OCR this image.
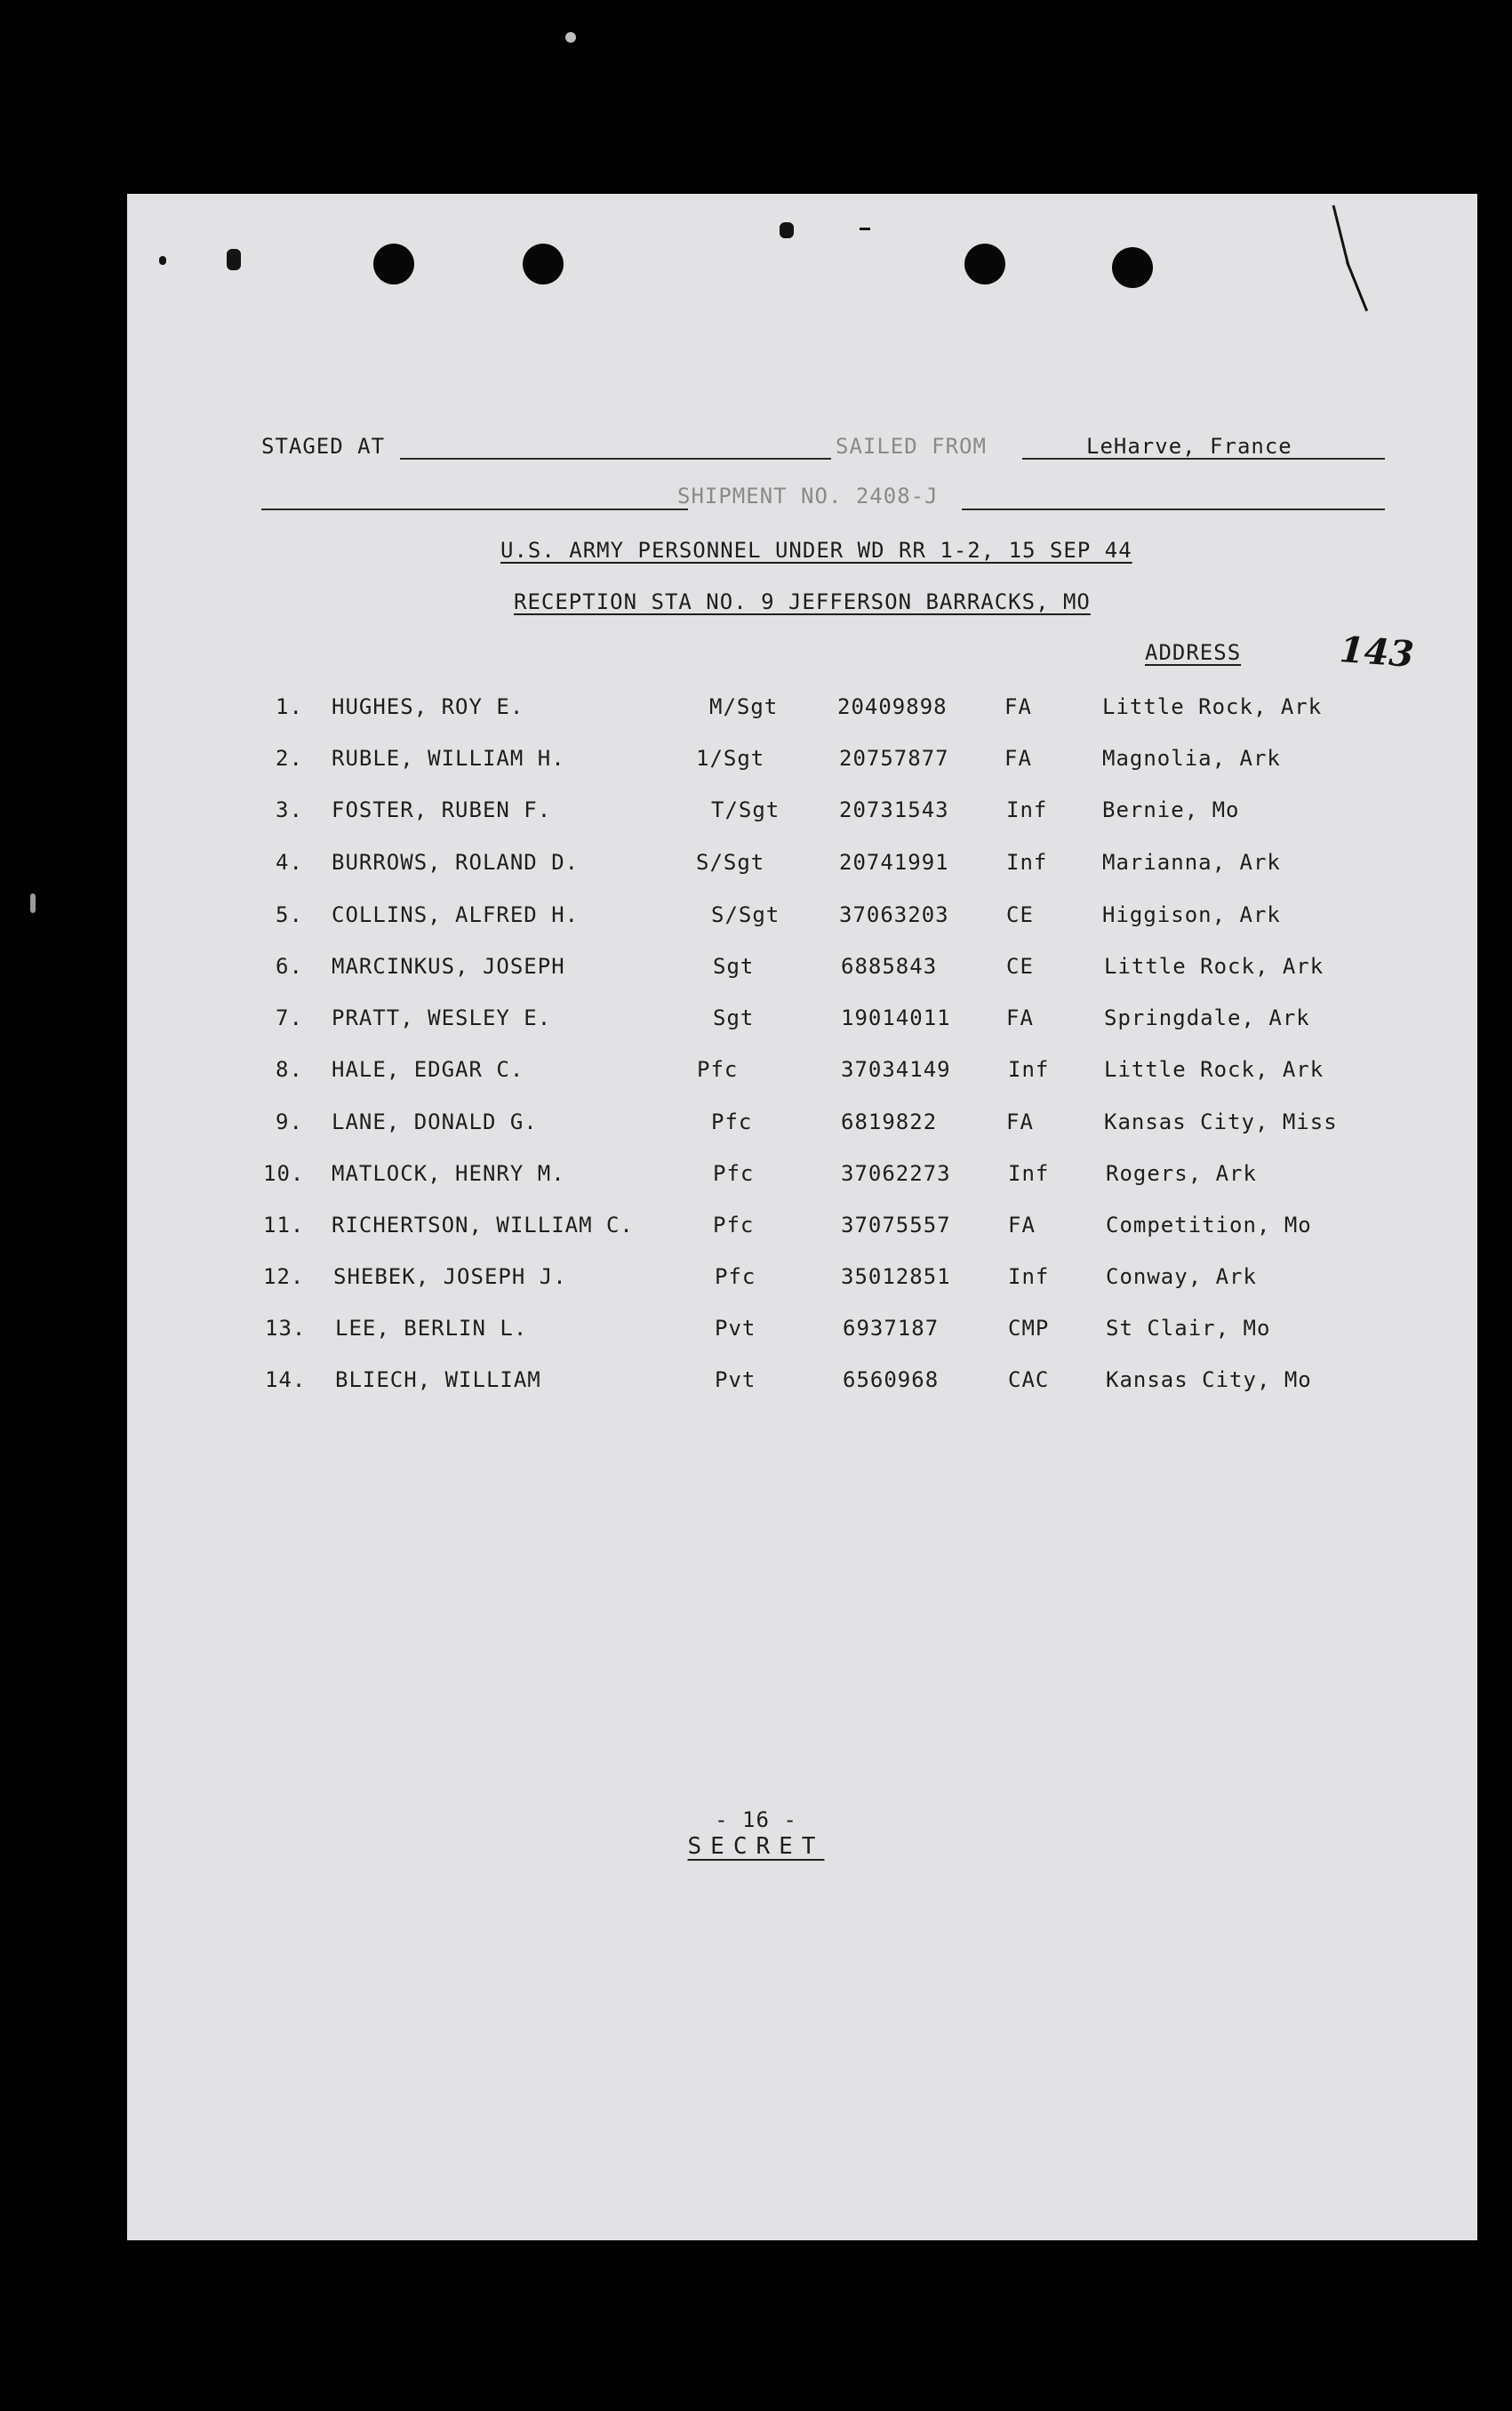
STAGED AT	SAILED FROM	LeHarve, France
SHIPMENT NO. 2408-J
U.S. ARMY PERSONNEL UNDER WD RR 1-2, 15 SEP 44
RECEPTION STA NO. 9 JEFFERSON BARRACKS, MO
ADDRESS	143
1. HUGHES, ROY E.	M/Sgt	20409898	FA	Little Rock, Ark
2. RUBLE, WILLIAM H.	1/Sgt	20757877	FA	Magnolia, Ark
3. FOSTER, RUBEN F.	T/Sgt	20731543	Inf	Bernie, Mo
4. BURROWS, ROLAND D.	S/Sgt	20741991	Inf	Marianna, Ark
5. COLLINS, ALFRED H.	S/Sgt	37063203	CE	Higgison, Ark
6. MARCINKUS, JOSEPH	Sgt	6885843	CE	Little Rock, Ark
7. PRATT, WESLEY E.	Sgt	19014011	FA	Springdale, Ark
8. HALE, EDGAR C.	Pfc	37034149	Inf	Little Rock, Ark
9. LANE, DONALD G.	Pfc	6819822	FA	Kansas City, Miss
10. MATLOCK, HENRY M.	Pfc	37062273	Inf	Rogers, Ark
11. RICHERTSON, WILLIAM C.	Pfc	37075557	FA	Competition, Mo
12. SHEBEK, JOSEPH J.	Pfc	35012851	Inf	Conway, Ark
13. LEE, BERLIN L.	Pvt	6937187	CMP	St Clair, Mo
14. BLIECH, WILLIAM	Pvt	6560968	CAC	Kansas City, Mo
- 16 -
SECRET
